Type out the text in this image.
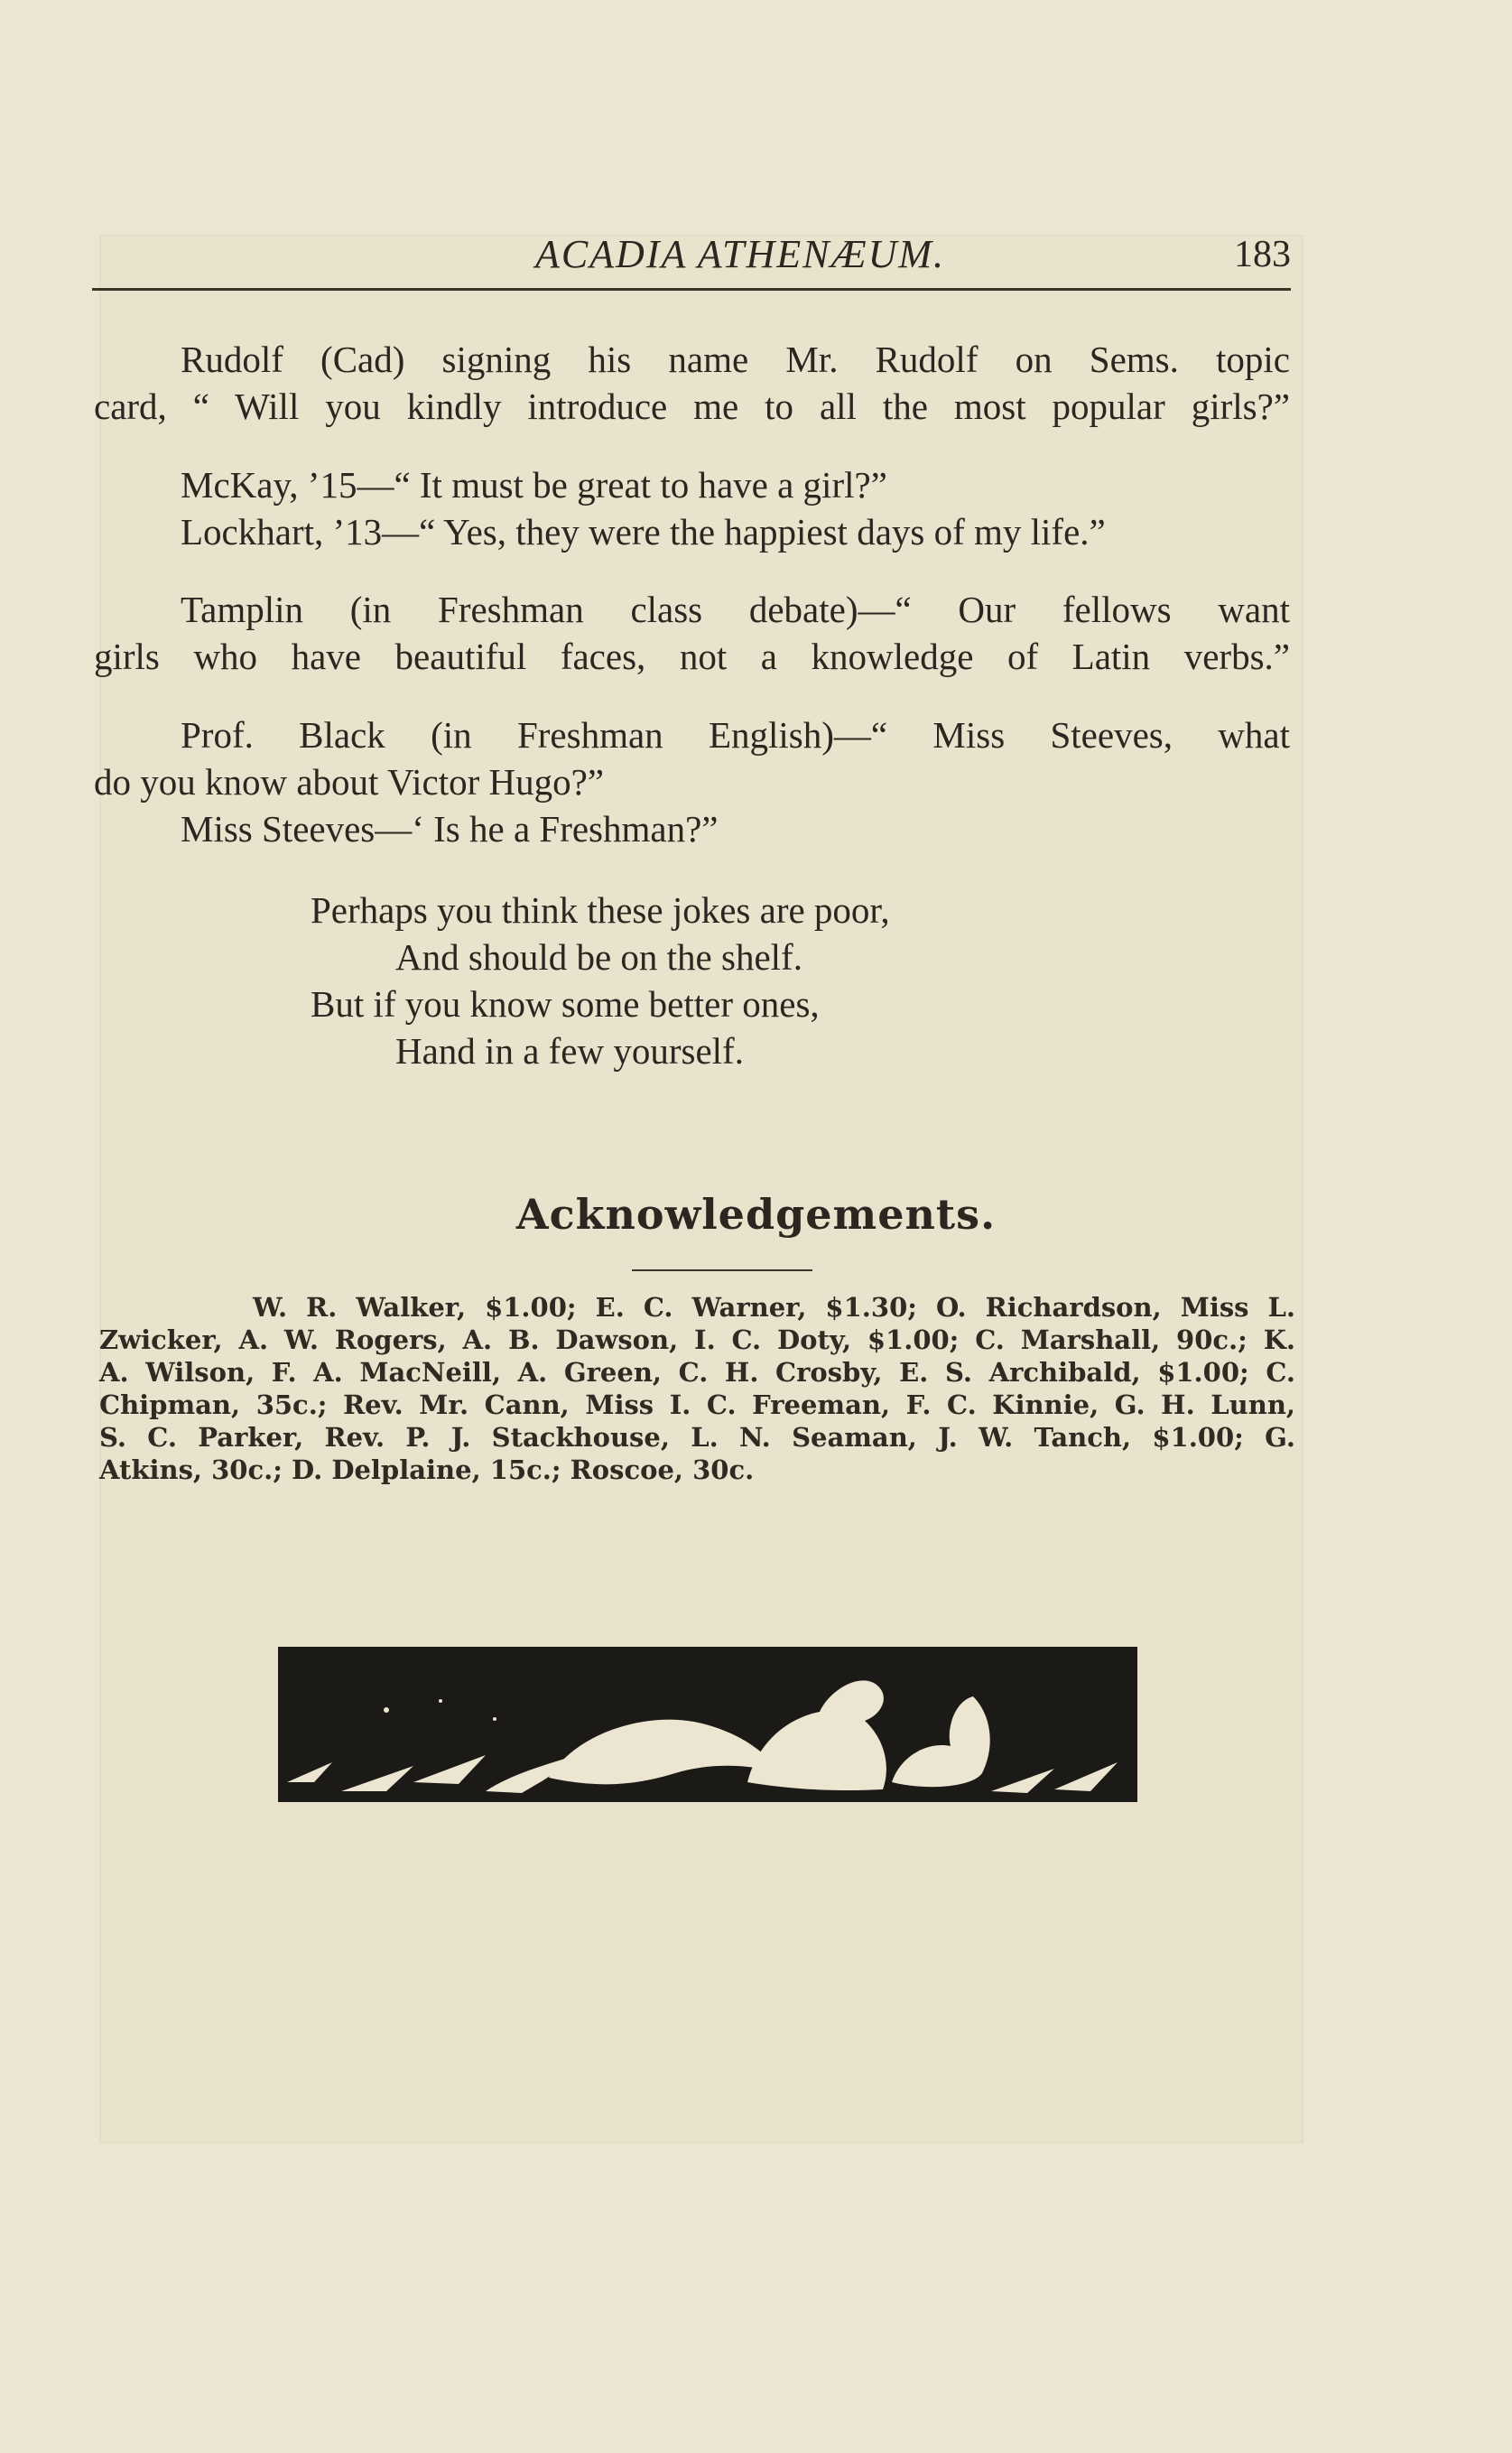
ACADIA ATHENÆUM.	183
Rudolf (Cad) signing his name Mr. Rudolf on Sems. topic
card, “ Will you kindly introduce me to all the most popular girls?”
McKay, ’15—“ It must be great to have a girl?”
Lockhart, ’13—“ Yes, they were the happiest days of my life.”
Tamplin (in Freshman class debate)—“ Our fellows want
girls who have beautiful faces, not a knowledge of Latin verbs.”
Prof. Black (in Freshman English)—“ Miss Steeves, what
do you know about Victor Hugo?”
Miss Steeves—‘ Is he a Freshman?”
Perhaps you think these jokes are poor,
And should be on the shelf.
But if you know some better ones,
Hand in a few yourself.
Acknowledgements.
W. R. Walker, $1.00; E. C. Warner, $1.30; O. Richardson, Miss L.
Zwicker, A. W. Rogers, A. B. Dawson, I. C. Doty, $1.00; C. Marshall, 90c.; K.
A. Wilson, F. A. MacNeill, A. Green, C. H. Crosby, E. S. Archibald, $1.00; C.
Chipman, 35c.; Rev. Mr. Cann, Miss I. C. Freeman, F. C. Kinnie, G. H. Lunn,
S. C. Parker, Rev. P. J. Stackhouse, L. N. Seaman, J. W. Tanch, $1.00; G.
Atkins, 30c.; D. Delplaine, 15c.; Roscoe, 30c.
